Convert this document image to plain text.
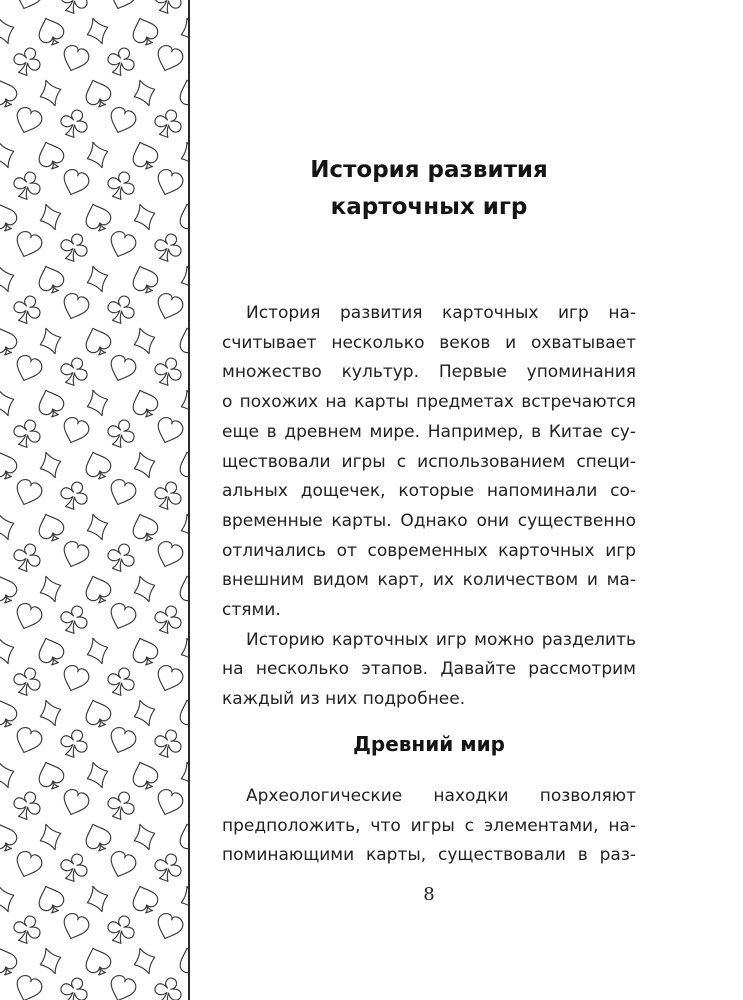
История развития
карточных игр
История развития карточных игр на-
считывает несколько веков и охватывает
множество культур. Первые упоминания
о похожих на карты предметах встречаются
еще в древнем мире. Например, в Китае су-
ществовали игры с использованием специ-
альных дощечек, которые напоминали со-
временные карты. Однако они существенно
отличались от современных карточных игр
внешним видом карт, их количеством и ма-
стями.
Историю карточных игр можно разделить
на несколько этапов. Давайте рассмотрим
каждый из них подробнее.
Древний мир
Археологические находки позволяют
предположить, что игры с элементами, на-
поминающими карты, существовали в раз-
8
